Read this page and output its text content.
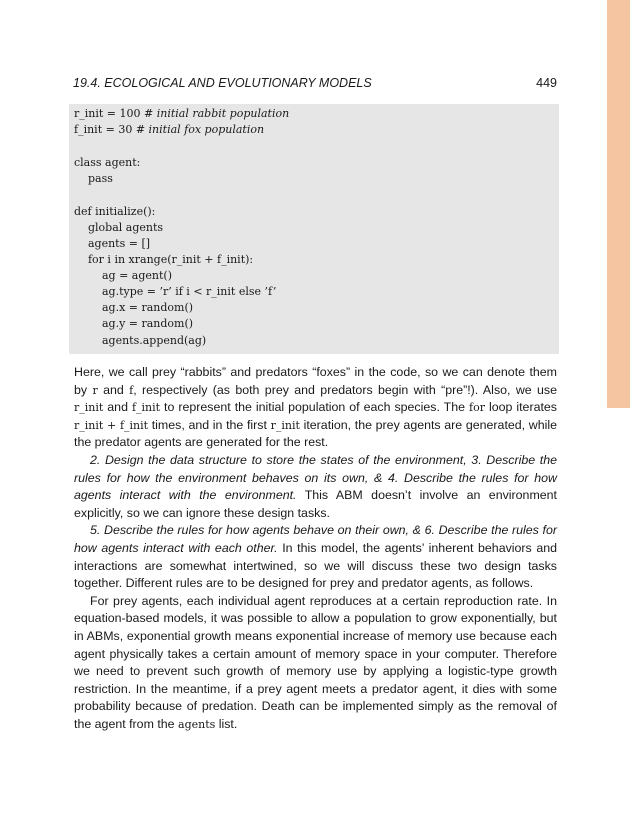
19.4. ECOLOGICAL AND EVOLUTIONARY MODELS	449
r_init = 100 # initial rabbit population
f_init = 30 # initial fox population
class agent:
pass
def initialize():
global agents
agents = []
for i in xrange(r_init + f_init):
ag = agent()
ag.type = ’r’ if i < r_init else ’f’
ag.x = random()
ag.y = random()
agents.append(ag)

Here, we call prey “rabbits” and predators “foxes” in the code, so we can denote them by r and f, respectively (as both prey and predators begin with “pre”!). Also, we use r_init and f_init to represent the initial population of each species. The for loop iterates r_init + f_init times, and in the first r_init iteration, the prey agents are generated, while the predator agents are generated for the rest.

2. Design the data structure to store the states of the environment, 3. Describe the rules for how the environment behaves on its own, & 4. Describe the rules for how agents interact with the environment. This ABM doesn’t involve an environment explicitly, so we can ignore these design tasks.

5. Describe the rules for how agents behave on their own, & 6. Describe the rules for how agents interact with each other. In this model, the agents’ inherent behaviors and interactions are somewhat intertwined, so we will discuss these two design tasks together. Different rules are to be designed for prey and predator agents, as follows.

For prey agents, each individual agent reproduces at a certain reproduction rate. In equation-based models, it was possible to allow a population to grow exponentially, but in ABMs, exponential growth means exponential increase of memory use because each agent physically takes a certain amount of memory space in your computer. Therefore we need to prevent such growth of memory use by applying a logistic-type growth restriction. In the meantime, if a prey agent meets a predator agent, it dies with some probability because of predation. Death can be implemented simply as the removal of the agent from the agents list.
